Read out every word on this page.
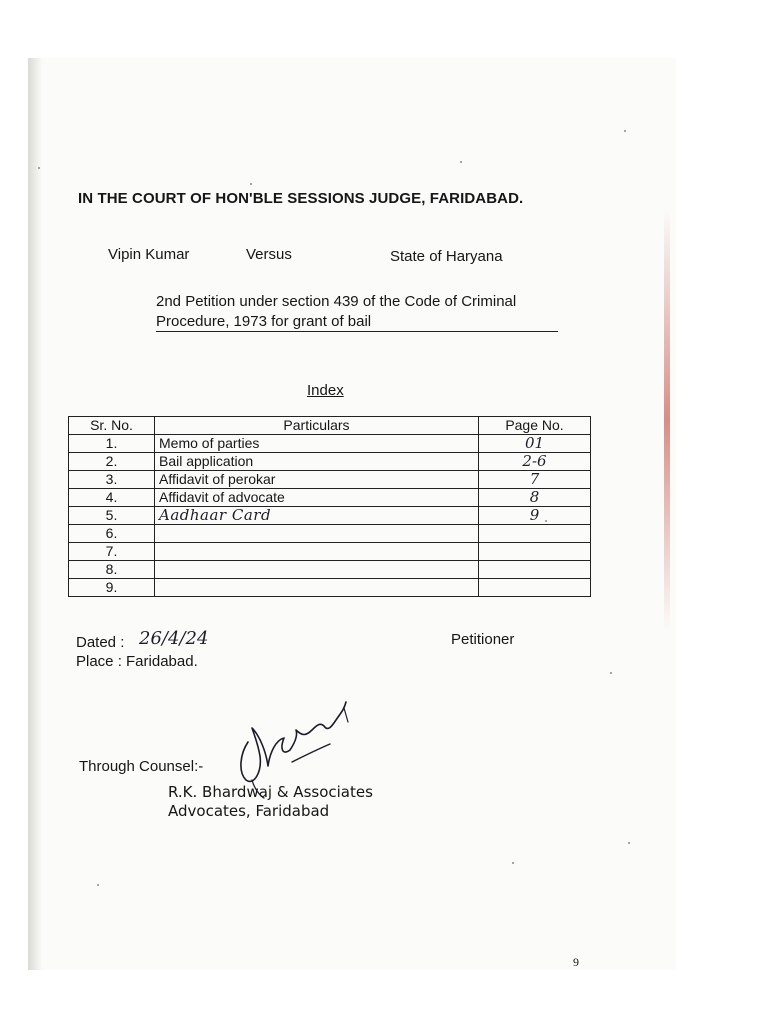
IN THE COURT OF HON'BLE SESSIONS JUDGE, FARIDABAD.
Vipin Kumar	Versus	State of Haryana
2nd Petition under section 439 of the Code of Criminal
Procedure, 1973 for grant of bail
Index
Sr. No.	Particulars	Page No.
1.	Memo of parties	01
2.	Bail application	2-6
3.	Affidavit of perokar	7
4.	Affidavit of advocate	8
5.	Aadhaar Card	9
6.		
7.		
8.		
9.		
Dated : 26/4/24
Place : Faridabad.
Petitioner
Through Counsel:-
R.K. Bhardwaj & Associates
Advocates, Faridabad
9
